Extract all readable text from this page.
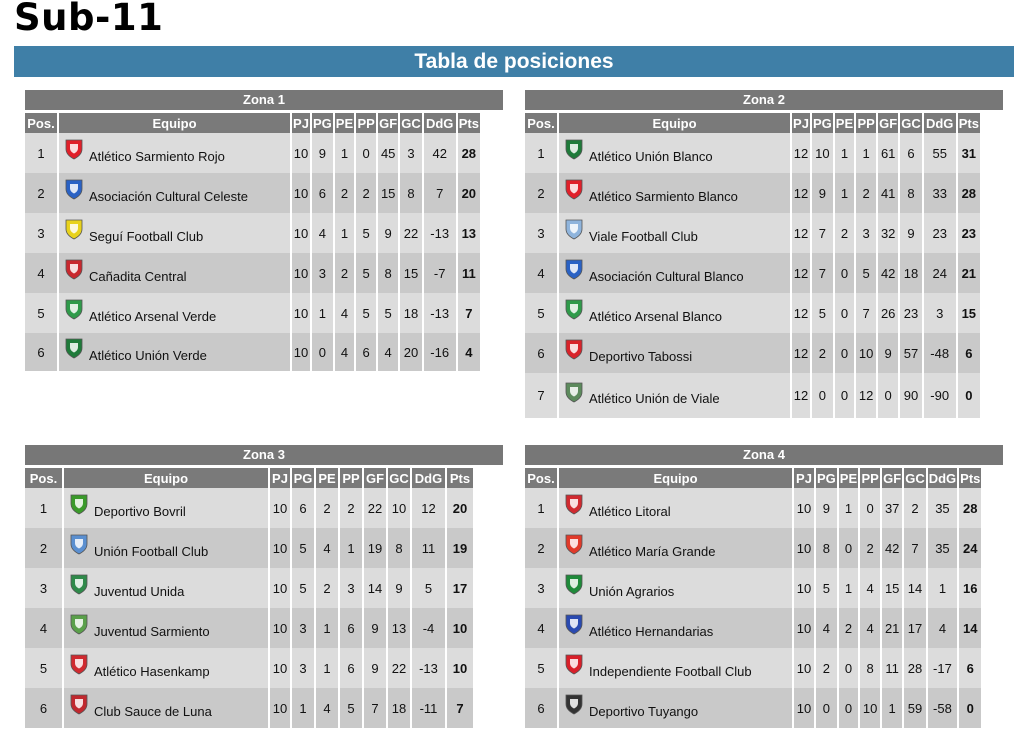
Sub-11
Tabla de posiciones
Zona 1
Pos.	Equipo	PJ	PG	PE	PP	GF	GC	DdG	Pts
1	Atlético Sarmiento Rojo	10	9	1	0	45	3	42	28
2	Asociación Cultural Celeste	10	6	2	2	15	8	7	20
3	Seguí Football Club	10	4	1	5	9	22	-13	13
4	Cañadita Central	10	3	2	5	8	15	-7	11
5	Atlético Arsenal Verde	10	1	4	5	5	18	-13	7
6	Atlético Unión Verde	10	0	4	6	4	20	-16	4
Zona 2
Pos.	Equipo	PJ	PG	PE	PP	GF	GC	DdG	Pts
1	Atlético Unión Blanco	12	10	1	1	61	6	55	31
2	Atlético Sarmiento Blanco	12	9	1	2	41	8	33	28
3	Viale Football Club	12	7	2	3	32	9	23	23
4	Asociación Cultural Blanco	12	7	0	5	42	18	24	21
5	Atlético Arsenal Blanco	12	5	0	7	26	23	3	15
6	Deportivo Tabossi	12	2	0	10	9	57	-48	6
7	Atlético Unión de Viale	12	0	0	12	0	90	-90	0
Zona 3
Pos.	Equipo	PJ	PG	PE	PP	GF	GC	DdG	Pts
1	Deportivo Bovril	10	6	2	2	22	10	12	20
2	Unión Football Club	10	5	4	1	19	8	11	19
3	Juventud Unida	10	5	2	3	14	9	5	17
4	Juventud Sarmiento	10	3	1	6	9	13	-4	10
5	Atlético Hasenkamp	10	3	1	6	9	22	-13	10
6	Club Sauce de Luna	10	1	4	5	7	18	-11	7
Zona 4
Pos.	Equipo	PJ	PG	PE	PP	GF	GC	DdG	Pts
1	Atlético Litoral	10	9	1	0	37	2	35	28
2	Atlético María Grande	10	8	0	2	42	7	35	24
3	Unión Agrarios	10	5	1	4	15	14	1	16
4	Atlético Hernandarias	10	4	2	4	21	17	4	14
5	Independiente Football Club	10	2	0	8	11	28	-17	6
6	Deportivo Tuyango	10	0	0	10	1	59	-58	0
